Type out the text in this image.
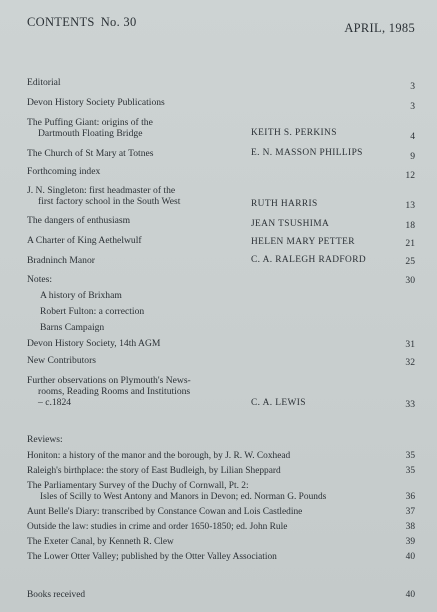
CONTENTS No. 30	APRIL, 1985
Editorial	3
Devon History Society Publications	3
The Puffing Giant: origins of the
Dartmouth Floating Bridge	KEITH S. PERKINS	4
The Church of St Mary at Totnes	E. N. MASSON PHILLIPS	9
Forthcoming index	12
J. N. Singleton: first headmaster of the
first factory school in the South West	RUTH HARRIS	13
The dangers of enthusiasm	JEAN TSUSHIMA	18
A Charter of King Aethelwulf	HELEN MARY PETTER	21
Bradninch Manor	C. A. RALEGH RADFORD	25
Notes:	30
A history of Brixham
Robert Fulton: a correction
Barns Campaign
Devon History Society, 14th AGM	31
New Contributors	32
Further observations on Plymouth's News-
rooms, Reading Rooms and Institutions
– c.1824	C. A. LEWIS	33
Reviews:
Honiton: a history of the manor and the borough, by J. R. W. Coxhead	35
Raleigh's birthplace: the story of East Budleigh, by Lilian Sheppard	35
The Parliamentary Survey of the Duchy of Cornwall, Pt. 2:
Isles of Scilly to West Antony and Manors in Devon; ed. Norman G. Pounds	36
Aunt Belle's Diary: transcribed by Constance Cowan and Lois Castledine	37
Outside the law: studies in crime and order 1650-1850; ed. John Rule	38
The Exeter Canal, by Kenneth R. Clew	39
The Lower Otter Valley; published by the Otter Valley Association	40
Books received	40
